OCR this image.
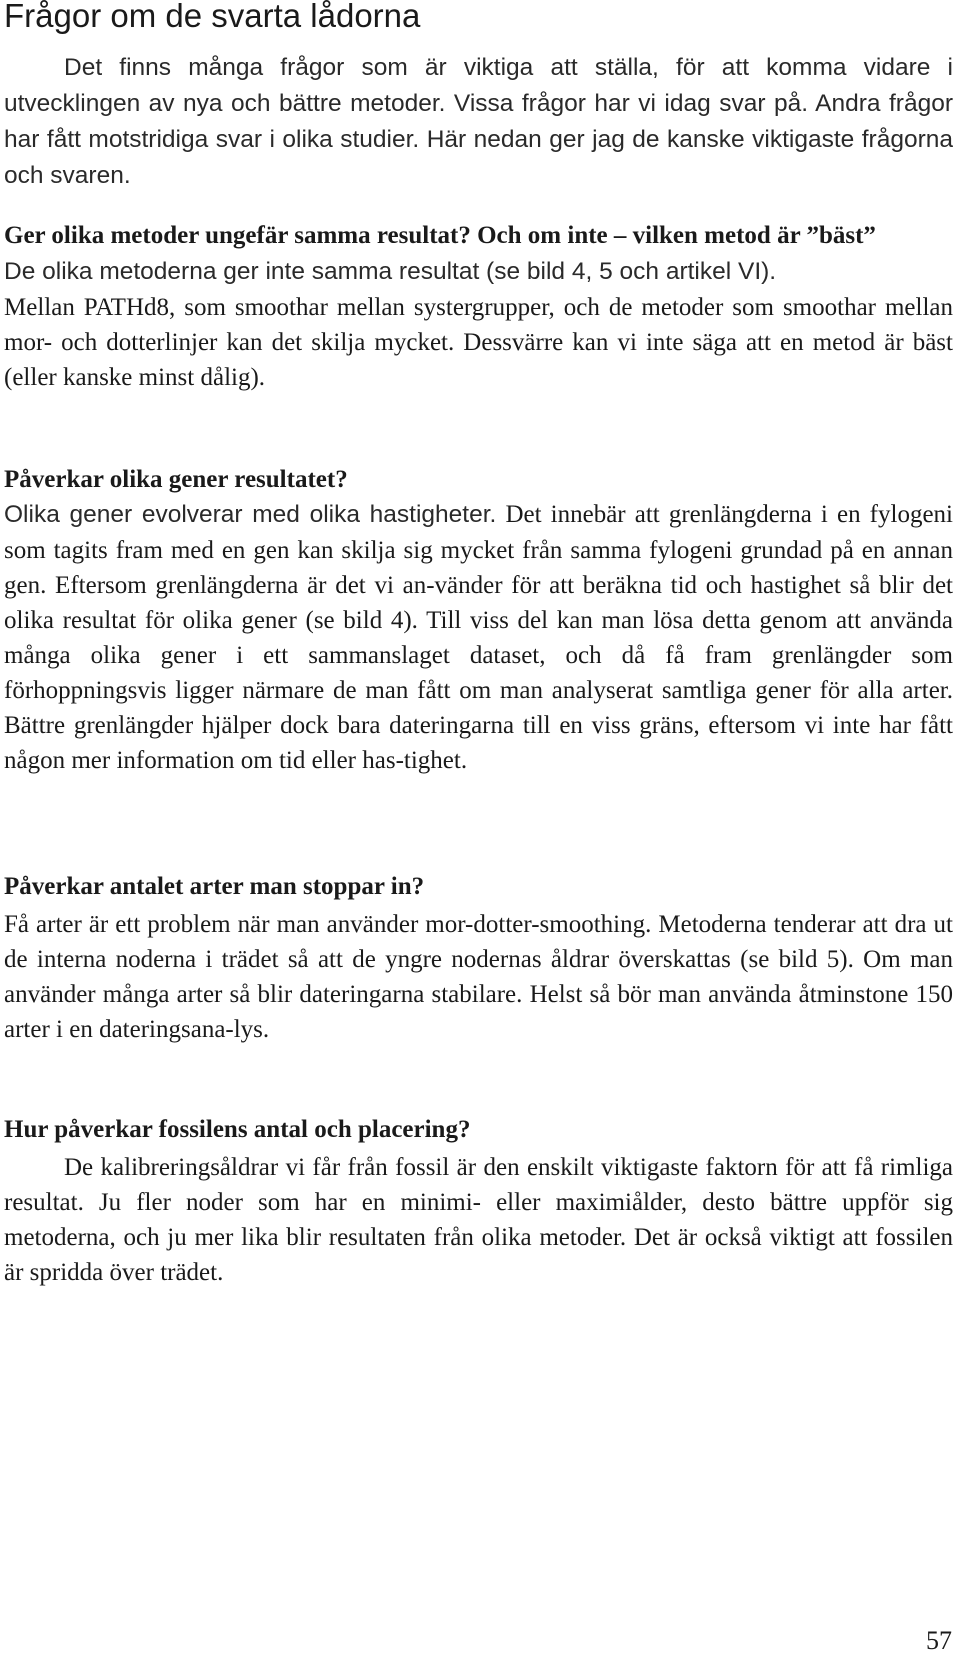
Frågor om de svarta lådorna

Det finns många frågor som är viktiga att ställa, för att komma vidare i utvecklingen av nya och bättre metoder. Vissa frågor har vi idag svar på. Andra frågor har fått motstridiga svar i olika studier. Här nedan ger jag de kanske viktigaste frågorna och svaren.

Ger olika metoder ungefär samma resultat? Och om inte – vilken metod är ”bäst”

De olika metoderna ger inte samma resultat (se bild 4, 5 och artikel VI).

Mellan PATHd8, som smoothar mellan systergrupper, och de metoder som smoothar mellan mor- och dotterlinjer kan det skilja mycket. Dessvärre kan vi inte säga att en metod är bäst (eller kanske minst dålig).

Påverkar olika gener resultatet?

Olika gener evolverar med olika hastigheter. Det innebär att grenlängderna i en fylogeni som tagits fram med en gen kan skilja sig mycket från samma fylogeni grundad på en annan gen. Eftersom grenlängderna är det vi an-vänder för att beräkna tid och hastighet så blir det olika resultat för olika gener (se bild 4). Till viss del kan man lösa detta genom att använda många olika gener i ett sammanslaget dataset, och då få fram grenlängder som förhoppningsvis ligger närmare de man fått om man analyserat samtliga gener för alla arter. Bättre grenlängder hjälper dock bara dateringarna till en viss gräns, eftersom vi inte har fått någon mer information om tid eller has-tighet.

Påverkar antalet arter man stoppar in?

Få arter är ett problem när man använder mor-dotter-smoothing. Metoderna tenderar att dra ut de interna noderna i trädet så att de yngre nodernas åldrar överskattas (se bild 5). Om man använder många arter så blir dateringarna stabilare. Helst så bör man använda åtminstone 150 arter i en dateringsana-lys.

Hur påverkar fossilens antal och placering?

De kalibreringsåldrar vi får från fossil är den enskilt viktigaste faktorn för att få rimliga resultat. Ju fler noder som har en minimi- eller maximiålder, desto bättre uppför sig metoderna, och ju mer lika blir resultaten från olika metoder. Det är också viktigt att fossilen är spridda över trädet.

57
